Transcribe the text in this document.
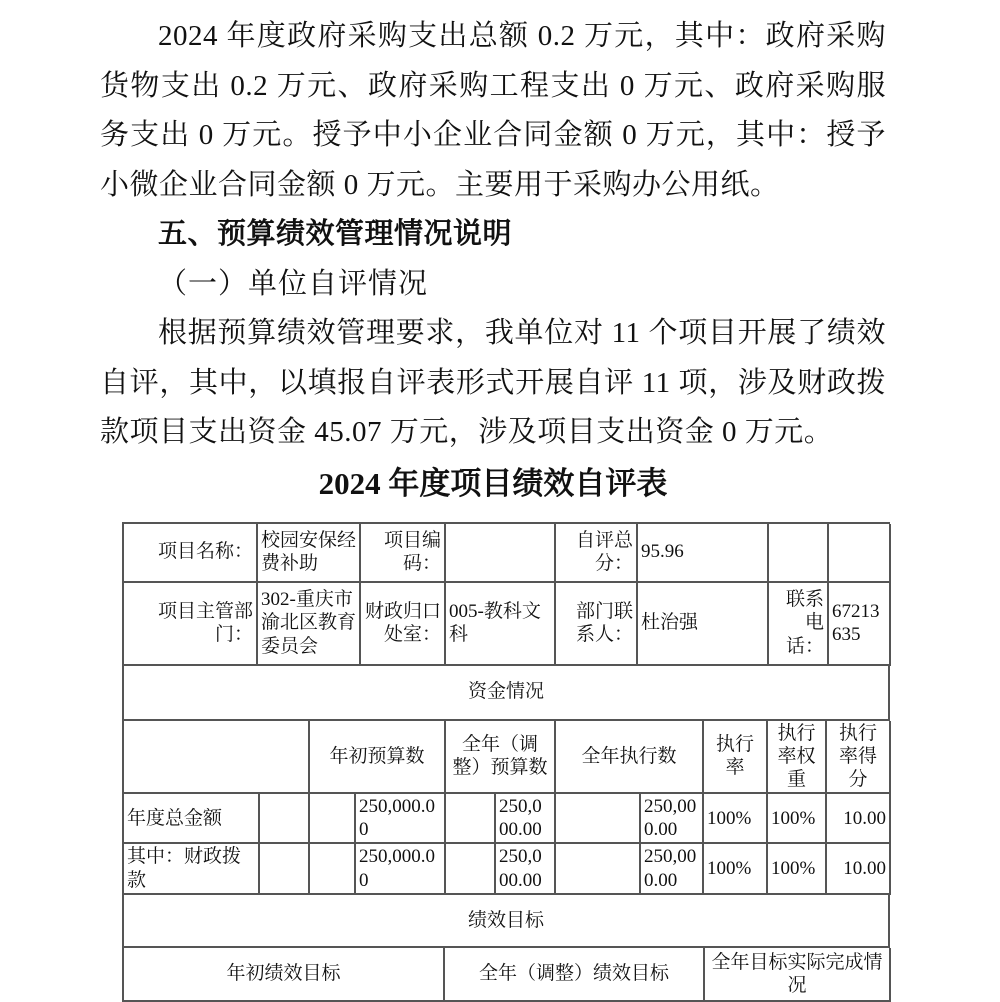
2024 年度政府采购支出总额 0.2 万元，其中：政府采购货物支出 0.2 万元、政府采购工程支出 0 万元、政府采购服务支出 0 万元。授予中小企业合同金额 0 万元，其中：授予小微企业合同金额 0 万元。主要用于采购办公用纸。

五、预算绩效管理情况说明

（一）单位自评情况

根据预算绩效管理要求，我单位对 11 个项目开展了绩效自评，其中，以填报自评表形式开展自评 11 项，涉及财政拨款项目支出资金 45.07 万元，涉及项目支出资金 0 万元。

2024 年度项目绩效自评表
项目名称：	校园安保经费补助	项目编码：		自评总分：	95.96		
项目主管部门：	302-重庆市渝北区教育委员会	财政归口处室：	005-教科文科	部门联系人：	杜治强	联系电话：	67213635
资金情况
		年初预算数		全年（调整）预算数		全年执行数		执行率	执行率权重	执行率得分
年度总金额			250,000.00		250,000.00		250,000.00	100%	100%	10.00
其中：财政拨款			250,000.00		250,000.00		250,000.00	100%	100%	10.00
绩效目标
年初绩效目标	全年（调整）绩效目标	全年目标实际完成情况
